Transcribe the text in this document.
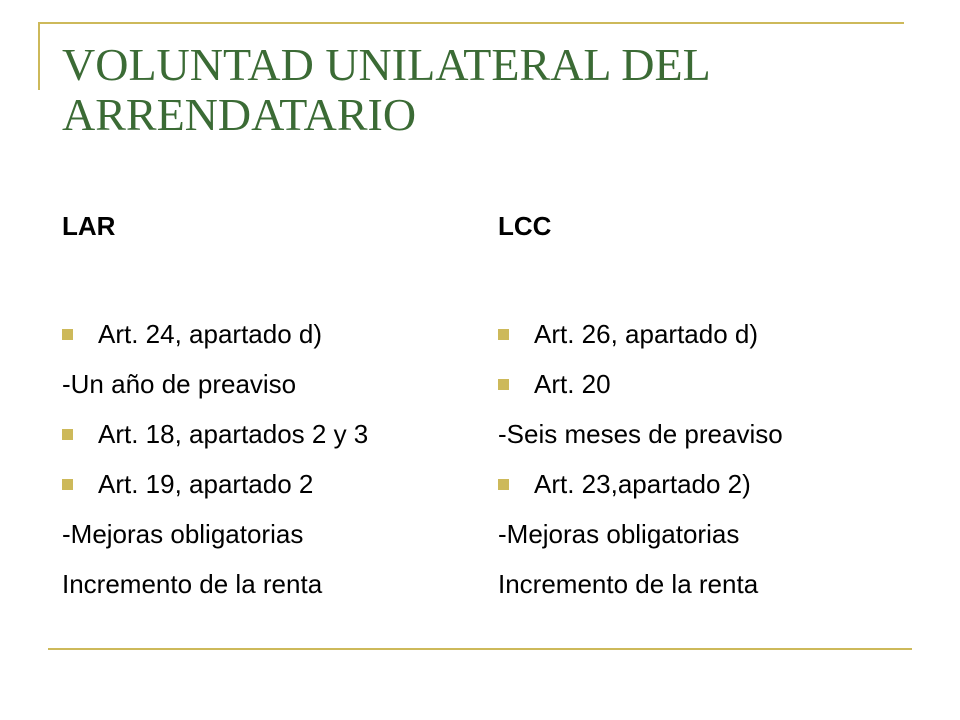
VOLUNTAD UNILATERAL DEL ARRENDATARIO
LAR
Art. 24, apartado d)
-Un año de preaviso
Art. 18, apartados 2 y 3
Art. 19, apartado 2
-Mejoras obligatorias
Incremento de la renta
LCC
Art. 26, apartado d)
Art. 20
-Seis meses de preaviso
Art. 23,apartado 2)
-Mejoras obligatorias
Incremento de la renta
